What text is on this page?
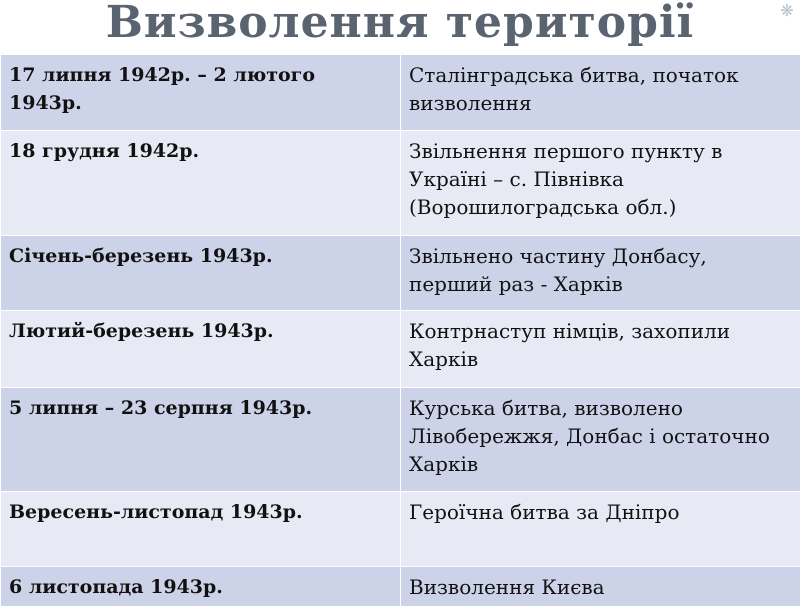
Визволення території	❋
17 липня 1942р. – 2 лютого 1943р.	Сталінградська битва, початок визволення
18 грудня 1942р.	Звільнення першого пункту в Україні – с. Півнівка (Ворошилоградська обл.)
Січень-березень 1943р.	Звільнено частину Донбасу, перший раз - Харків
Лютий-березень 1943р.	Контрнаступ німців, захопили Харків
5 липня – 23 серпня 1943р.	Курська битва, визволено Лівобережжя, Донбас і остаточно Харків
Вересень-листопад 1943р.	Героїчна битва за Дніпро
6 листопада 1943р.	Визволення Києва
